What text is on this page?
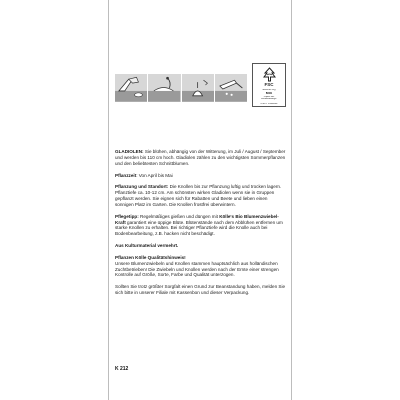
FSC
www.fsc.org
MIX
Papier aus
verantwortungs-
FSC® C114889

GLADIOLEN: Sie blühen, abhängig von der Witterung, im Juli / August / September und werden bis 110 cm hoch. Gladiolen zählen zu den wichtigsten Sommerpflanzen und den beliebtesten Schnittblumen.

Pflanzzeit: Von April bis Mai

Pflanzung und Standort: Die Knollen bis zur Pflanzung luftig und trocken lagern. Pflanztiefe ca. 10-12 cm. Am schönsten wirken Gladiolen wenn sie in Gruppen gepflanzt werden. Sie eignen sich für Rabatten und Beete und lieben einen sonnigen Platz im Garten. Die Knollen frostfrei überwintern.

Pflegetipp: Regelmäßiges gießen und düngen mit Kölle's Bio Blumenzwiebel-Kraft garantiert eine üppige Blüte. Blütenstände nach dem Abblühen entfernen um starke Knollen zu erhalten. Bei richtiger Pflanztiefe wird die Knolle auch bei Bodenbearbeitung, z.B. hacken nicht beschädigt.

Aus Kulturmaterial vermehrt.

Pflanzen Kölle Qualitätshinweis!
Unsere Blumenzwiebeln und Knollen stammen hauptsächlich aus holländischen Zuchtbetrieben! Die Zwiebeln und Knollen werden nach der Ernte einer strengen Kontrolle auf Größe, Sorte, Farbe und Qualität unterzogen.

Sollten Sie trotz größter Sorgfalt einen Grund zur Beanstandung haben, melden Sie sich bitte in unserer Filiale mit Kassenbon und dieser Verpackung.

K 212
